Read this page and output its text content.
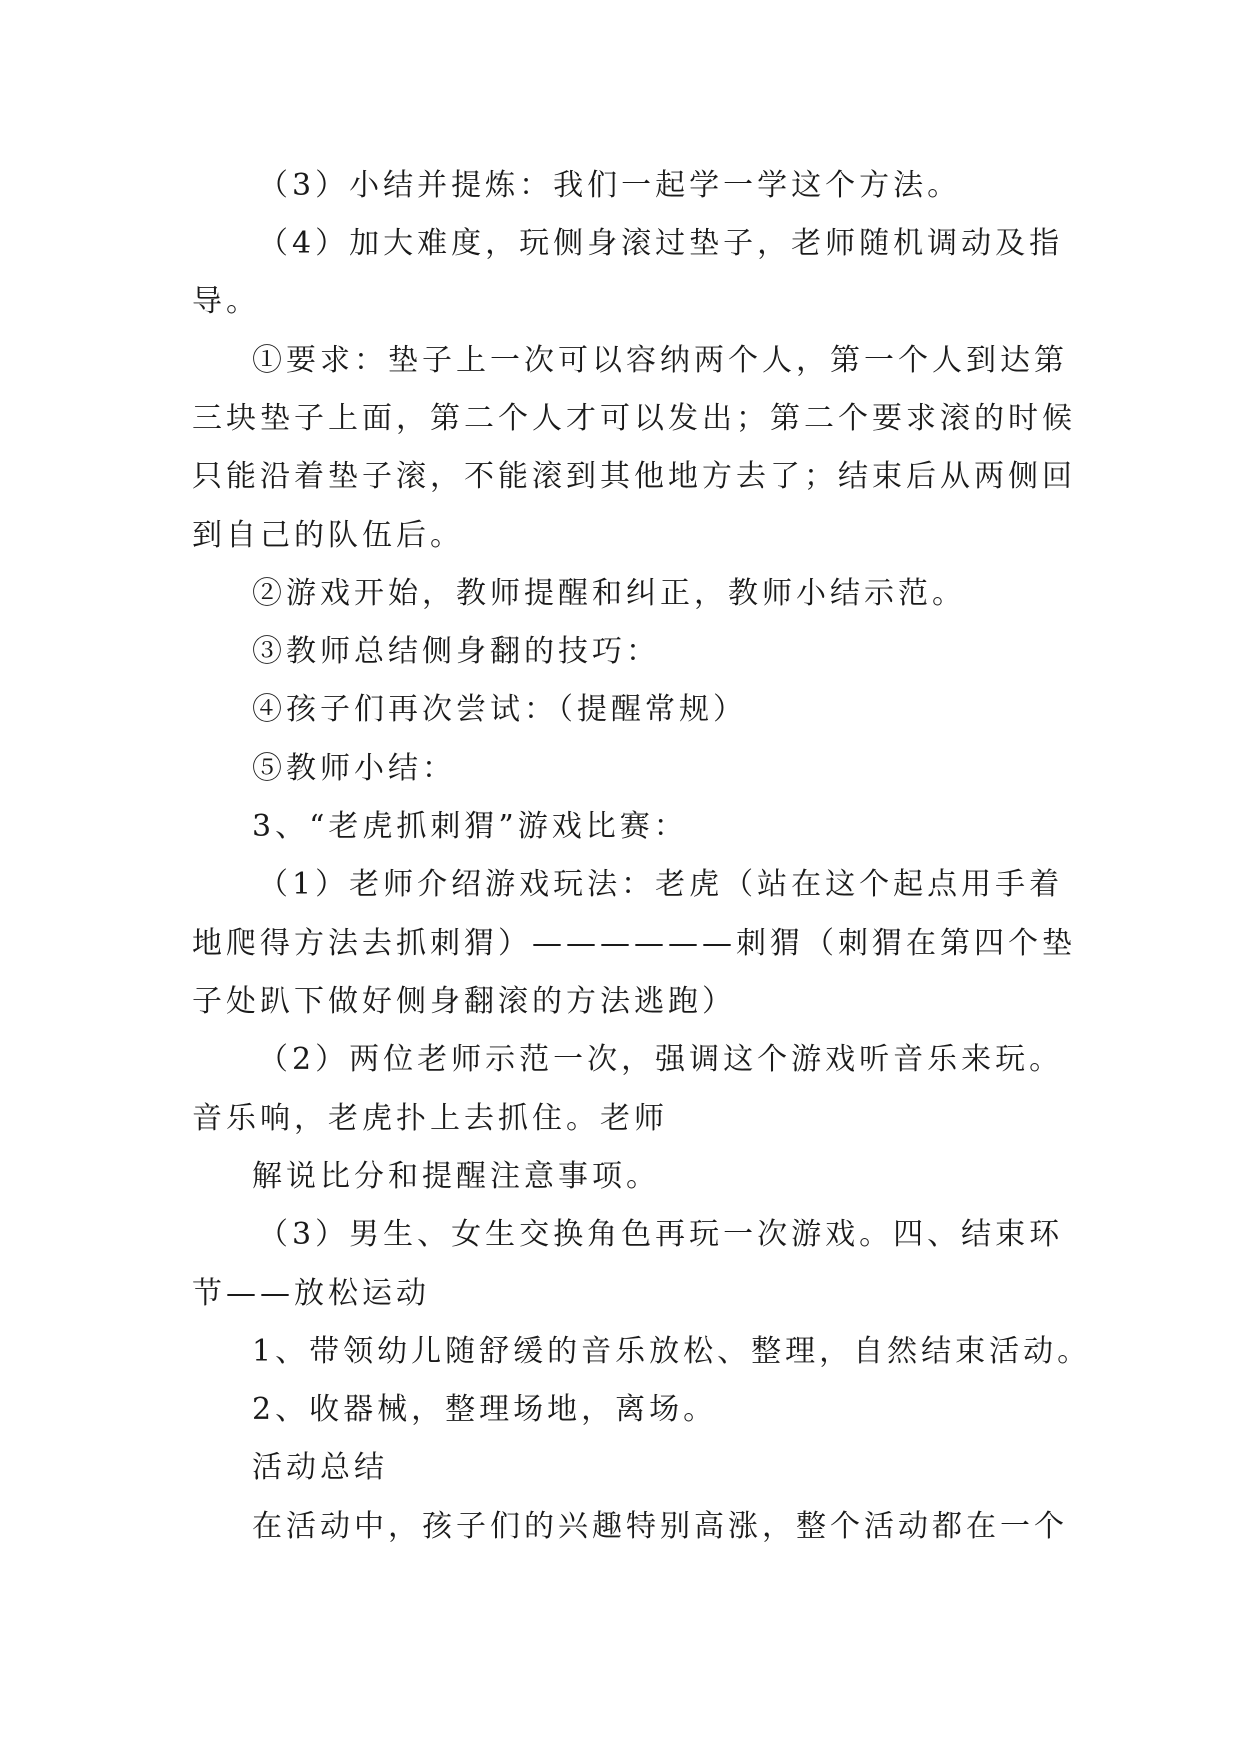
（3）小结并提炼：我们一起学一学这个方法。
（4）加大难度，玩侧身滚过垫子，老师随机调动及指
导。
①要求：垫子上一次可以容纳两个人，第一个人到达第
三块垫子上面，第二个人才可以发出；第二个要求滚的时候
只能沿着垫子滚，不能滚到其他地方去了；结束后从两侧回
到自己的队伍后。
②游戏开始，教师提醒和纠正，教师小结示范。
③教师总结侧身翻的技巧：
④孩子们再次尝试：（提醒常规）
⑤教师小结：
3、“老虎抓刺猬”游戏比赛：
（1）老师介绍游戏玩法：老虎（站在这个起点用手着
地爬得方法去抓刺猬）——————刺猬（刺猬在第四个垫
子处趴下做好侧身翻滚的方法逃跑）
（2）两位老师示范一次，强调这个游戏听音乐来玩。
音乐响，老虎扑上去抓住。老师
解说比分和提醒注意事项。
（3）男生、女生交换角色再玩一次游戏。四、结束环
节——放松运动
1、带领幼儿随舒缓的音乐放松、整理，自然结束活动。
2、收器械，整理场地，离场。
活动总结
在活动中，孩子们的兴趣特别高涨，整个活动都在一个
